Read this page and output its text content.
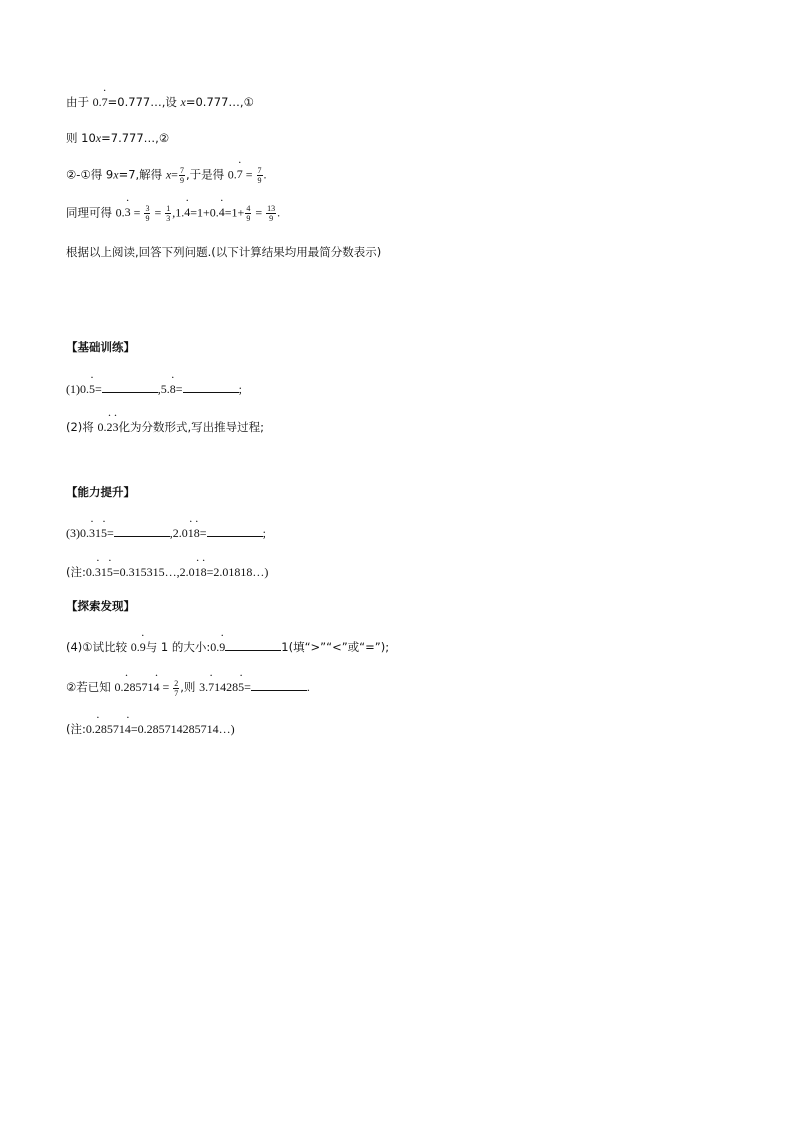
由于 0.· 7=0.777…,设 x=0.777…,①
则 10x=7.777…,②
②-①得 9x=7,解得 $x= \frac{7}{9}$ ,于是得 $0.\cdot 7 = \frac{7}{9}$ .
同理可得 $0.\cdot 3 = \frac{3}{9} = \frac{1}{3} ,1.\cdot 4=1+0.\cdot 4=1+ \frac{4}{9} = \frac{13}{9}$ .
根据以上阅读,回答下列问题.(以下计算结果均用最简分数表示)
【基础训练】
(1)0.· 5=	,5.· 8=	;
(2)将 0.· 2· 3化为分数形式,写出推导过程;
【能力提升】
(3)0.· 31· 5=	,2.0· 1· 8=	;
(注:0.· 31· 5=0.315315…,2.0· 1· 8=2.01818…)
【探索发现】
(4)①试比较 0.· 9与 1 的大小:0.· 9	1(填“>”“<”或“=”);
②若已知 $0.\cdot 28571\cdot 4 = \frac{2}{7}$ ,则 3.· 71428· 5=	.
(注:0.· 28571· 4=0.285714285714…)
